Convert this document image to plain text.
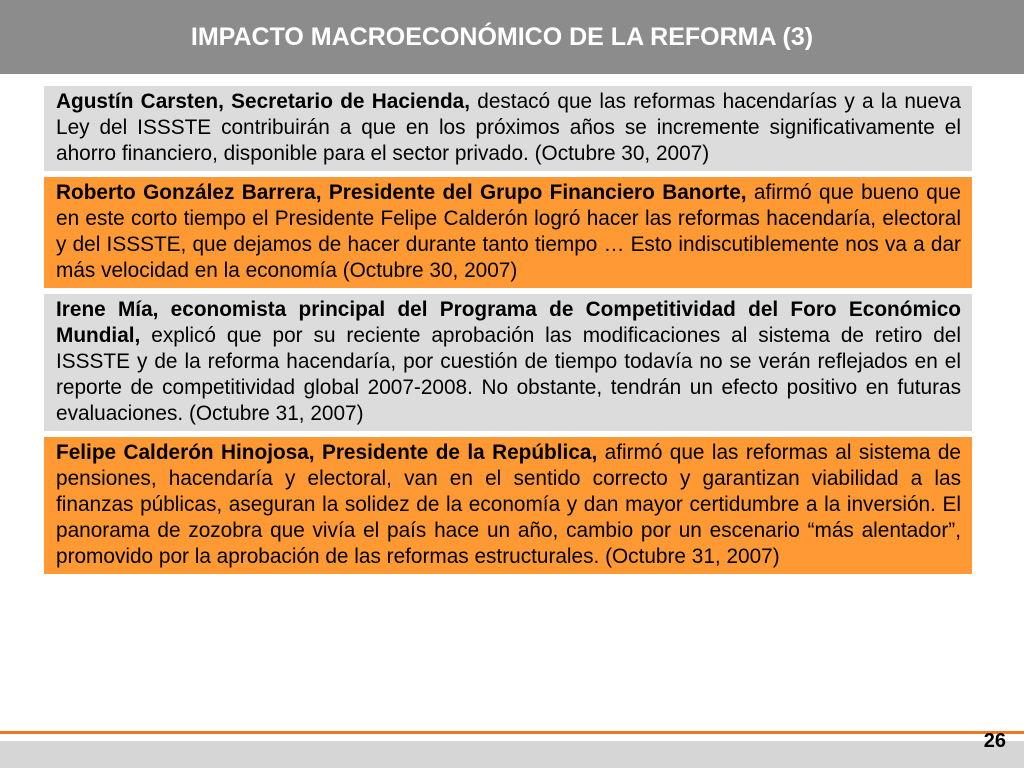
IMPACTO MACROECONÓMICO DE LA REFORMA (3)
Agustín Carsten, Secretario de Hacienda, destacó que las reformas hacendarías y a la nueva Ley del ISSSTE contribuirán a que en los próximos años se incremente significativamente el ahorro financiero, disponible para el sector privado. (Octubre 30, 2007)
Roberto González Barrera, Presidente del Grupo Financiero Banorte, afirmó que bueno que en este corto tiempo el Presidente Felipe Calderón logró hacer las reformas hacendaría, electoral y del ISSSTE, que dejamos de hacer durante tanto tiempo … Esto indiscutiblemente nos va a dar más velocidad en la economía (Octubre 30, 2007)
Irene Mía, economista principal del Programa de Competitividad del Foro Económico Mundial, explicó que por su reciente aprobación las modificaciones al sistema de retiro del ISSSTE y de la reforma hacendaría, por cuestión de tiempo todavía no se verán reflejados en el reporte de competitividad global 2007-2008. No obstante, tendrán un efecto positivo en futuras evaluaciones. (Octubre 31, 2007)
Felipe Calderón Hinojosa, Presidente de la República, afirmó que las reformas al sistema de pensiones, hacendaría y electoral, van en el sentido correcto y garantizan viabilidad a las finanzas públicas, aseguran la solidez de la economía y dan mayor certidumbre a la inversión. El panorama de zozobra que vivía el país hace un año, cambio por un escenario “más alentador”, promovido por la aprobación de las reformas estructurales. (Octubre 31, 2007)
26
